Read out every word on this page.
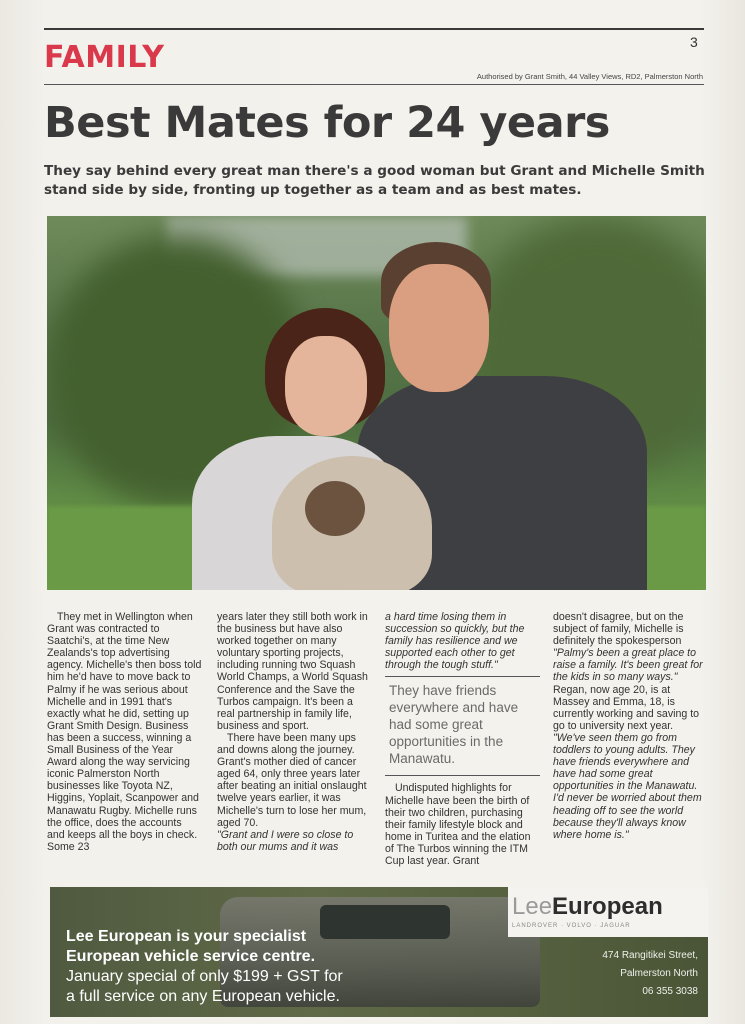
FAMILY	3
Authorised by Grant Smith, 44 Valley Views, RD2, Palmerston North
Best Mates for 24 years

They say behind every great man there's a good woman but Grant and Michelle Smith stand side by side, fronting up together as a team and as best mates.

They met in Wellington when Grant was contracted to Saatchi's, at the time New Zealands's top advertising agency. Michelle's then boss told him he'd have to move back to Palmy if he was serious about Michelle and in 1991 that's exactly what he did, setting up Grant Smith Design. Business has been a success, winning a Small Business of the Year Award along the way servicing iconic Palmerston North businesses like Toyota NZ, Higgins, Yoplait, Scanpower and Manawatu Rugby. Michelle runs the office, does the accounts and keeps all the boys in check. Some 23

years later they still both work in the business but have also worked together on many voluntary sporting projects, including running two Squash World Champs, a World Squash Conference and the Save the Turbos campaign. It's been a real partnership in family life, business and sport.

There have been many ups and downs along the journey. Grant's mother died of cancer aged 64, only three years later after beating an initial onslaught twelve years earlier, it was Michelle's turn to lose her mum, aged 70.

"Grant and I were so close to both our mums and it was

a hard time losing them in succession so quickly, but the family has resilience and we supported each other to get through the tough stuff."

They have friends everywhere and have had some great opportunities in the Manawatu.

Undisputed highlights for Michelle have been the birth of their two children, purchasing their family lifestyle block and home in Turitea and the elation of The Turbos winning the ITM Cup last year. Grant

doesn't disagree, but on the subject of family, Michelle is definitely the spokesperson "Palmy's been a great place to raise a family. It's been great for the kids in so many ways." Regan, now age 20, is at Massey and Emma, 18, is currently working and saving to go to university next year. "We've seen them go from toddlers to young adults. They have friends everywhere and have had some great opportunities in the Manawatu. I'd never be worried about them heading off to see the world because they'll always know where home is."

LeeEuropean
LANDROVER · VOLVO · JAGUAR
Lee European is your specialist
European vehicle service centre.
January special of only $199 + GST for
a full service on any European vehicle.
474 Rangitikei Street,
Palmerston North
06 355 3038
